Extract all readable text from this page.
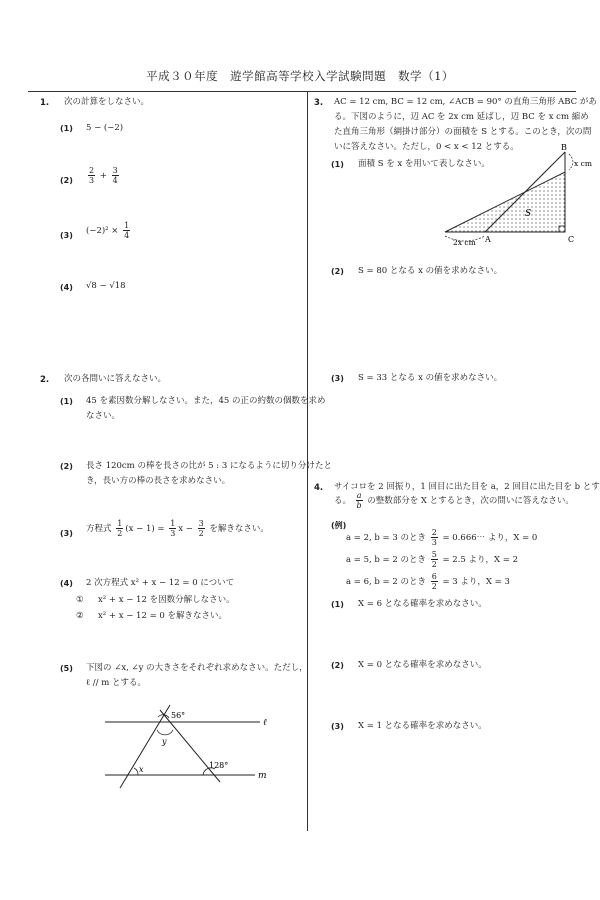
平成３０年度　遊学館高等学校入学試験問題　数学（1）
1. 次の計算をしなさい。
(1) 5 − (−2)
$(2) \frac{2}{3} + \frac{3}{4}$
(3) $(-2)^2 \times \frac{1}{4}$
(4) √8 − √18
2. 次の各問いに答えなさい。
(1) 45 を素因数分解しなさい。また，45 の正の約数の個数を求め
なさい。
(2) 長さ 120cm の棒を長さの比が 5 : 3 になるように切り分けたと
き，長い方の棒の長さを求めなさい。
(3) 方程式 $\frac{1}{2} (x - 1) = \frac{1}{3}$ $x - \frac{3}{2}$ を解きなさい。
(4) 2 次方程式 x² + x − 12 = 0 について
① x² + x − 12 を因数分解しなさい。
② x² + x − 12 = 0 を解きなさい。
(5) 下図の ∠x, ∠y の大きさをそれぞれ求めなさい。ただし，
ℓ // m とする。
56°
y
x	128°
ℓ
m
3. AC = 12 cm, BC = 12 cm, ∠ACB = 90° の直角三角形 ABC があ
る。下図のように，辺 AC を 2x cm 延ばし，辺 BC を x cm 縮め
た直角三角形（網掛け部分）の面積を S とする。このとき，次の問
いに答えなさい。ただし，0 < x < 12 とする。
(1) 面積 S を x を用いて表しなさい。
B
A	C
S
x cm
2x cm
(2) S = 80 となる x の値を求めなさい。
(3) S = 33 となる x の値を求めなさい。
4. サイコロを 2 回振り，1 回目に出た目を a，2 回目に出た目を b とす
る。 $\frac{a}{b}$ の整数部分を X とするとき，次の問いに答えなさい。
(例)
a = 2, b = 3 のとき $\frac{2}{3}$ = 0.666⋯ より，X = 0
a = 5, b = 2 のとき $\frac{5}{2} = 2.5$ より，X = 2
a = 6, b = 2 のとき $\frac{6}{2} = 3$ より，X = 3
(1) X = 6 となる確率を求めなさい。
(2) X = 0 となる確率を求めなさい。
(3) X = 1 となる確率を求めなさい。
